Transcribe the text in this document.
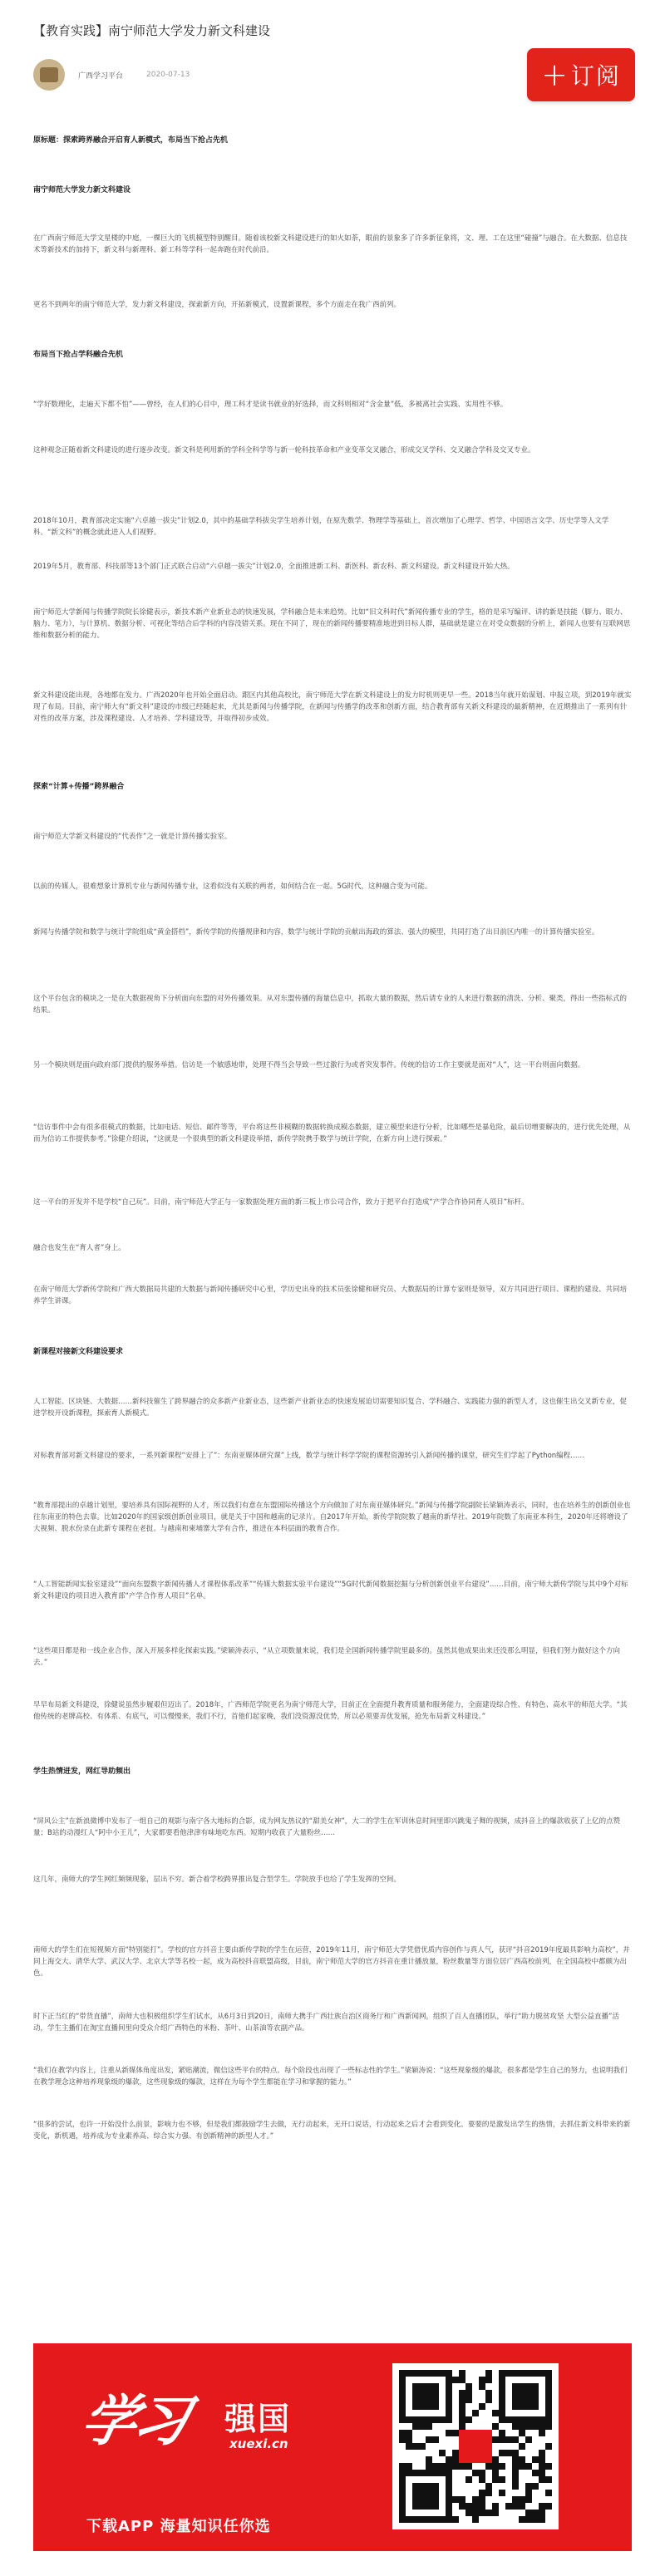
【教育实践】南宁师范大学发力新文科建设
广西学习平台	2020-07-13	+ 订阅

原标题：探索跨界融合开启育人新模式，布局当下抢占先机

南宁师范大学发力新文科建设

在广西南宁师范大学文星楼的中庭，一棵巨大的飞机模型特别醒目。随着该校新文科建设进行的如火如荼，眼前的景象多了许多新征象将，文、理、工在这里“碰撞”与融合。在大数据、信息技术等新技术的加持下，新文科与新理科、新工科等学科一起奔跑在时代前沿。

更名不到两年的南宁师范大学，发力新文科建设，探索新方向，开拓新模式，设置新课程，多个方面走在我广西前列。

布局当下抢占学科融合先机

“学好数理化，走遍天下都不怕”——曾经，在人们的心目中，理工科才是读书就业的好选择，而文科则相对“含金量”低，多被离社会实践、实用性不够。

这种观念正随着新文科建设的进行逐步改变。新文科是利用新的学科全科学等与新一轮科技革命和产业变革交叉融合，形成交叉学科、交叉融合学科及交叉专业。

2018年10月，教育部决定实施“六卓越一拔尖”计划2.0，其中的基础学科拔尖学生培养计划，在原先数学、物理学等基础上，首次增加了心理学、哲学、中国语言文学、历史学等人文学科。“新文科”的概念就此进入人们视野。

2019年5月，教育部、科技部等13个部门正式联合启动“六卓越一拔尖”计划2.0，全面推进新工科、新医科、新农科、新文科建设。新文科建设开始大热。

南宁师范大学新闻与传播学院院长徐健表示，新技术新产业新业态的快速发展，学科融合是未来趋势。比如“旧文科时代”新闻传播专业的学生，格的是采写编评、讲的新是技能（脚力、眼力、脑力、笔力），与计算机、数据分析、可视化等结合后学科的内容没错关系。现在不同了，现在的新闻传播要精准地进到目标人群，基础就是建立在对受众数据的分析上，新闻人也要有互联网思维和数据分析的能力。

新文科建设能出现，各地都在发力。广西2020年也开始全面启动。跟区内其他高校比，南宁师范大学在新文科建设上的发力时机则更早一些。2018当年就开始谋划、申报立项，到2019年就实现了布局。目前，南宁师大有“新文科”建设的市级已经随起来，尤其是新闻与传播学院，在新闻与传播学的改革和创新方面，结合教育部有关新文科建设的最新精神，在近期推出了一系列有针对性的改革方案，涉及课程建设、人才培养、学科建设等，并取得初步成效。

探索“计算+传播”跨界融合

南宁师范大学新文科建设的“代表作”之一就是计算传播实验室。

以前的传媒人，很难想象计算机专业与新闻传播专业，这看似没有关联的两者，如何结合在一起。5G时代，这种融合变为可能。

新闻与传播学院和数学与统计学院组成“黄金搭档”，新传学院的传播规律和内容，数学与统计学院的贡献出海政的算法、强大的模型，共同打造了出目前区内唯一的计算传播实验室。

这个平台包含的模块之一是在大数据视角下分析面向东盟的对外传播效果。从对东盟传播的海量信息中，抓取大量的数据，然后请专业的人来进行数据的清洗、分析、聚类，得出一些指标式的结果。

另一个模块则是面向政府部门提供的服务举措。信访是一个敏感地带，处理不得当会导致一些过激行为或者突发事件。传统的信访工作主要就是面对“人”，这一平台则面向数据。

“信访事件中会有很多很模式的数据，比如电话、短信、邮件等等，平台将这些非模糊的数据转换成模态数据，建立模型来进行分析，比如哪些是暴危险，最后切增要解决的，进行优先处理，从而为信访工作提供参考。”徐健介绍说，“这就是一个很典型的新文科建设举措，新传学院携手数学与统计学院，在新方向上进行探索。”

这一平台的开发并不是学校“自己玩”。目前，南宁师范大学正与一家数据处理方面的新三板上市公司合作，致力于把平台打造成“产学合作协同育人项目”标杆。

融合也发生在“育人者”身上。

在南宁师范大学新传学院和广西大数据局共建的大数据与新闻传播研究中心里，学历史出身的技术员张徐健和研究员、大数据局的计算专家则是领导，双方共同进行项目、课程的建设、共同培养学生讲课。

新课程对接新文科建设要求

人工智能、区块链、大数据……新科技催生了跨界融合的众多新产业新业态，这些新产业新业态的快速发展迫切需要知识复合、学科融合、实践能力强的新型人才，这也催生出交叉新专业，促进学校开设新课程，探索育人新模式。

对标教育部对新文科建设的要求，一系列新课程“安排上了”：东南亚媒体研究课”上线，数学与统计科学学院的课程资源转引入新闻传播的课堂，研究生们学起了Python编程……

“教育部提出的卓越计划里，要培养具有国际视野的人才，所以我们有意在东盟国际传播这个方向做加了对东南亚媒体研究。”新闻与传播学院副院长梁颖涛表示，同时，也在培养生的创新创业也往东南亚的特色去靠。比如2020年的国家级创新创业项目，就是关于中国和越南的记录片。自2017年开始，新传学院院数了越南的新华社、2019年院数了东南亚本科生，2020年还将增设了大视频、脱水份录在此新专课程在老挝。与越南和柬埔寨大学有合作，推进在本科层面的教育合作。

“人工智能新闻实验室建设”“面向东盟数字新闻传播人才课程体系改革”“传媒大数据实验平台建设”“5G时代新闻数据挖掘与分析创新创业平台建设”……目前，南宁师大新传学院与其中9个对标新文科建设的项目进入教育部“产学合作育人项目”名单。

“这些项目都是和一线企业合作，深入开展多样化探索实践。”梁颖涛表示，“从立项数量来说，我们是全国新闻传播学院里最多的。虽然其他成果出来还没那么明显，但我们努力做好这个方向去。”

早早布局新文科建设，徐健说虽然步履艰但迈出了。2018年，广西师范学院更名为南宁师范大学，目前正在全面提升教育质量和服务能力，全面建设综合性、有特色、高水平的师范大学。“其他传统的老牌高校、有体系、有底气，可以慢慢来，我们不行，首他们起家晚，我们没资源没优势，所以必须要弄优发展，抢先布局新文科建设。”

学生热情迸发，网红导助频出

“屏风公主”在新浪微博中发布了一组自己的观影与南宁各大地标的合影，成为网友热议的“甜美女神”，大二的学生在军训休息时间里即兴跳鬼子舞的视频，成抖音上的爆款收获了上亿的点赞量；B站的动漫红人“阿中小王儿”，大家都要看他津津有味地吃东西。短期内收获了大量粉丝……

这几年，南师大的学生网红频频现象，层出不穷。新合着学校跨界推出复合型学生。学院放手也给了学生发挥的空间。

南师大的学生们在短视频方面“特别能打”。学校的官方抖音主要由新传学院的学生在运营，2019年11月，南宁师范大学凭借优质内容创作与真人气，获评“抖音2019年度最具影响力高校”，并同上海交大、清华大学、武汉大学、北京大学等名校一起，成为高校抖音联盟高级，目前，南宁师范大学的官方抖音在重计播放量，粉丝数量等方面位居广西高校前列，在全国高校中都颇为出色。

时下正当红的“带货直播”，南师大也积极组织学生们试水，从6月3日到20日，南师大携手广西壮族自治区商务厅和广西新闻网，组织了百人直播团队，举行“助力脱贫攻坚 大型公益直播”活动，学生主播们在淘宝直播间里向受众介绍广西特色的米粉、茶叶、山茶油等农副产品。

“我们在教学内容上，注重从新媒体角度出发，紧贴潮流，微信这些平台的特点。每个阶段也出现了一些标志性的学生。”梁颖涛说：“这些现象级的爆款，很多都是学生自己的努力，也说明我们在教学理念这种培养现象级的爆款，这些现象级的爆款，这样在为每个学生都能在学习和掌握的能力。”

“很多的尝试，也许一开始没什么前景，影响力也不够，但是我们都鼓励学生去做，无行动起来，无开口说话，行动起来之后才会看到变化。要要的是激发出学生的热情，去抓住新文科带来的新变化，新机遇，培养成为专业素养高、综合实力强、有创新精神的新型人才。”

学习 强国
xuexi.cn
下载APP 海量知识任你选
